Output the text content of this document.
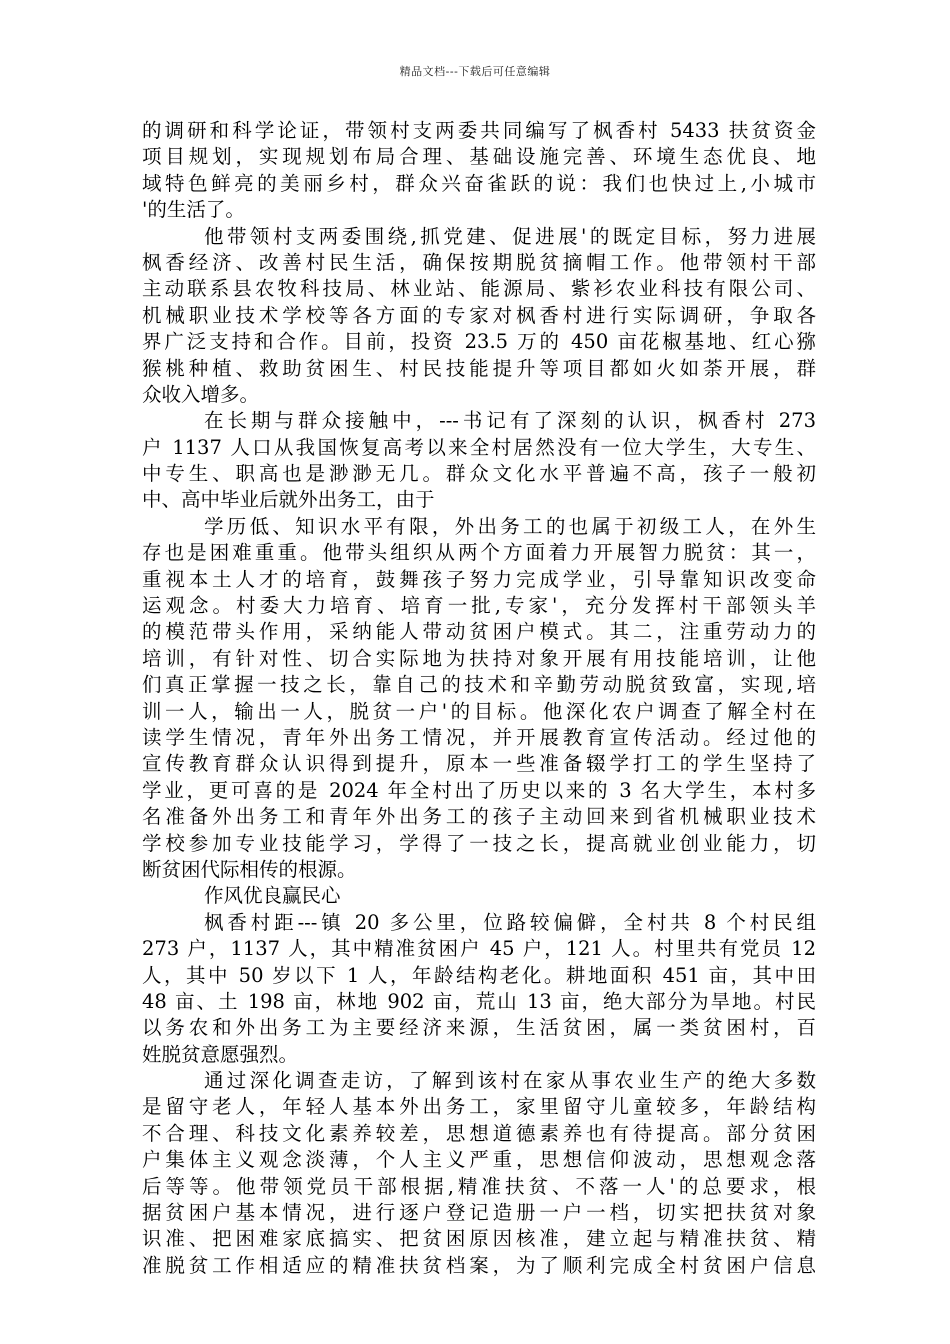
精品文档---下载后可任意编辑
的调研和科学论证，带领村支两委共同编写了枫香村 5433 扶贫资金
项目规划，实现规划布局合理、基础设施完善、环境生态优良、地
域特色鲜亮的美丽乡村，群众兴奋雀跃的说：我们也快过上,小城市
'的生活了。
他带领村支两委围绕,抓党建、促进展'的既定目标，努力进展
枫香经济、改善村民生活，确保按期脱贫摘帽工作。他带领村干部
主动联系县农牧科技局、林业站、能源局、紫衫农业科技有限公司、
机械职业技术学校等各方面的专家对枫香村进行实际调研，争取各
界广泛支持和合作。目前，投资 23.5 万的 450 亩花椒基地、红心猕
猴桃种植、救助贫困生、村民技能提升等项目都如火如荼开展，群
众收入增多。
在长期与群众接触中，---书记有了深刻的认识，枫香村 273
户 1137 人口从我国恢复高考以来全村居然没有一位大学生，大专生、
中专生、职高也是渺渺无几。群众文化水平普遍不高，孩子一般初
中、高中毕业后就外出务工，由于
学历低、知识水平有限，外出务工的也属于初级工人，在外生
存也是困难重重。他带头组织从两个方面着力开展智力脱贫：其一，
重视本土人才的培育，鼓舞孩子努力完成学业，引导靠知识改变命
运观念。村委大力培育、培育一批,专家'，充分发挥村干部领头羊
的模范带头作用，采纳能人带动贫困户模式。其二，注重劳动力的
培训，有针对性、切合实际地为扶持对象开展有用技能培训，让他
们真正掌握一技之长，靠自己的技术和辛勤劳动脱贫致富，实现,培
训一人，输出一人，脱贫一户'的目标。他深化农户调查了解全村在
读学生情况，青年外出务工情况，并开展教育宣传活动。经过他的
宣传教育群众认识得到提升，原本一些准备辍学打工的学生坚持了
学业，更可喜的是 2024 年全村出了历史以来的 3 名大学生，本村多
名准备外出务工和青年外出务工的孩子主动回来到省机械职业技术
学校参加专业技能学习，学得了一技之长，提高就业创业能力，切
断贫困代际相传的根源。
作风优良赢民心
枫香村距---镇 20 多公里，位路较偏僻，全村共 8 个村民组
273 户，1137 人，其中精准贫困户 45 户，121 人。村里共有党员 12
人，其中 50 岁以下 1 人，年龄结构老化。耕地面积 451 亩，其中田
48 亩、土 198 亩，林地 902 亩，荒山 13 亩，绝大部分为旱地。村民
以务农和外出务工为主要经济来源，生活贫困，属一类贫困村，百
姓脱贫意愿强烈。
通过深化调查走访，了解到该村在家从事农业生产的绝大多数
是留守老人，年轻人基本外出务工，家里留守儿童较多，年龄结构
不合理、科技文化素养较差，思想道德素养也有待提高。部分贫困
户集体主义观念淡薄，个人主义严重，思想信仰波动，思想观念落
后等等。他带领党员干部根据,精准扶贫、不落一人'的总要求，根
据贫困户基本情况，进行逐户登记造册一户一档，切实把扶贫对象
识准、把困难家底搞实、把贫困原因核准，建立起与精准扶贫、精
准脱贫工作相适应的精准扶贫档案，为了顺利完成全村贫困户信息
